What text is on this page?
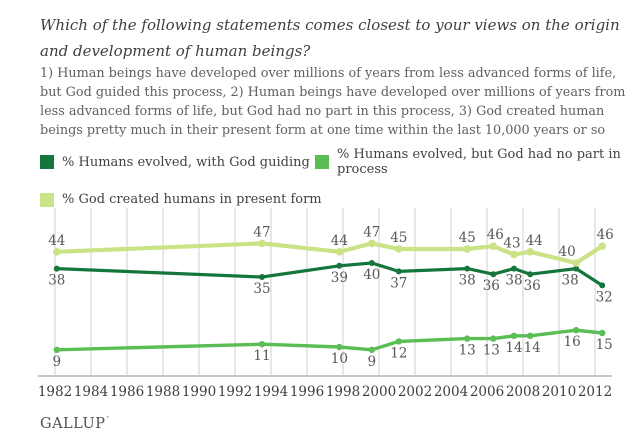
Which of the following statements comes closest to your views on the origin and development of human beings?
1) Human beings have developed over millions of years from less advanced forms of life, but God guided this process, 2) Human beings have developed over millions of years from less advanced forms of life, but God had no part in this process, 3) God created human beings pretty much in their present form at one time within the last 10,000 years or so
% Humans evolved, with God guiding % Humans evolved, but God had no part in process
% God created humans in present form
1982 1984 1986 1988 1990 1992 1994 1996 1998 2000 2002 2004 2006 2008 2010 2012
38
35
39 40
37	38 36 38 36 38
32
9	11	10 9
12	13 13 14 14 16 15
44
47
44
47 45	45 46
43 44
40
46
GALLUP’
